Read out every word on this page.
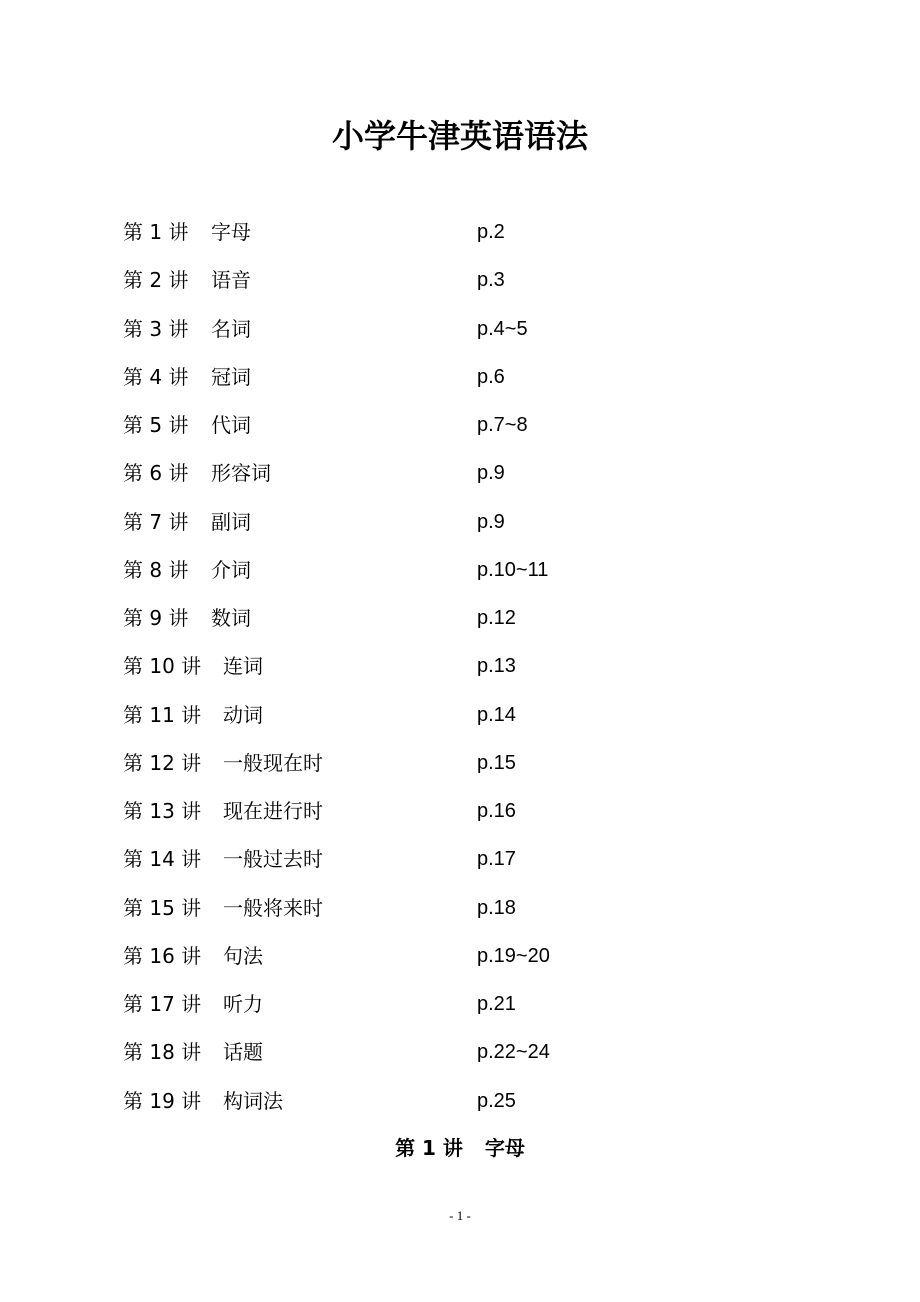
小学牛津英语语法
第 1 讲 字母	p.2
第 2 讲 语音	p.3
第 3 讲 名词	p.4~5
第 4 讲 冠词	p.6
第 5 讲 代词	p.7~8
第 6 讲 形容词	p.9
第 7 讲 副词	p.9
第 8 讲 介词	p.10~11
第 9 讲 数词	p.12
第 10 讲 连词	p.13
第 11 讲 动词	p.14
第 12 讲 一般现在时	p.15
第 13 讲 现在进行时	p.16
第 14 讲 一般过去时	p.17
第 15 讲 一般将来时	p.18
第 16 讲 句法	p.19~20
第 17 讲 听力	p.21
第 18 讲 话题	p.22~24
第 19 讲 构词法	p.25
第 1 讲 字母
- 1 -
